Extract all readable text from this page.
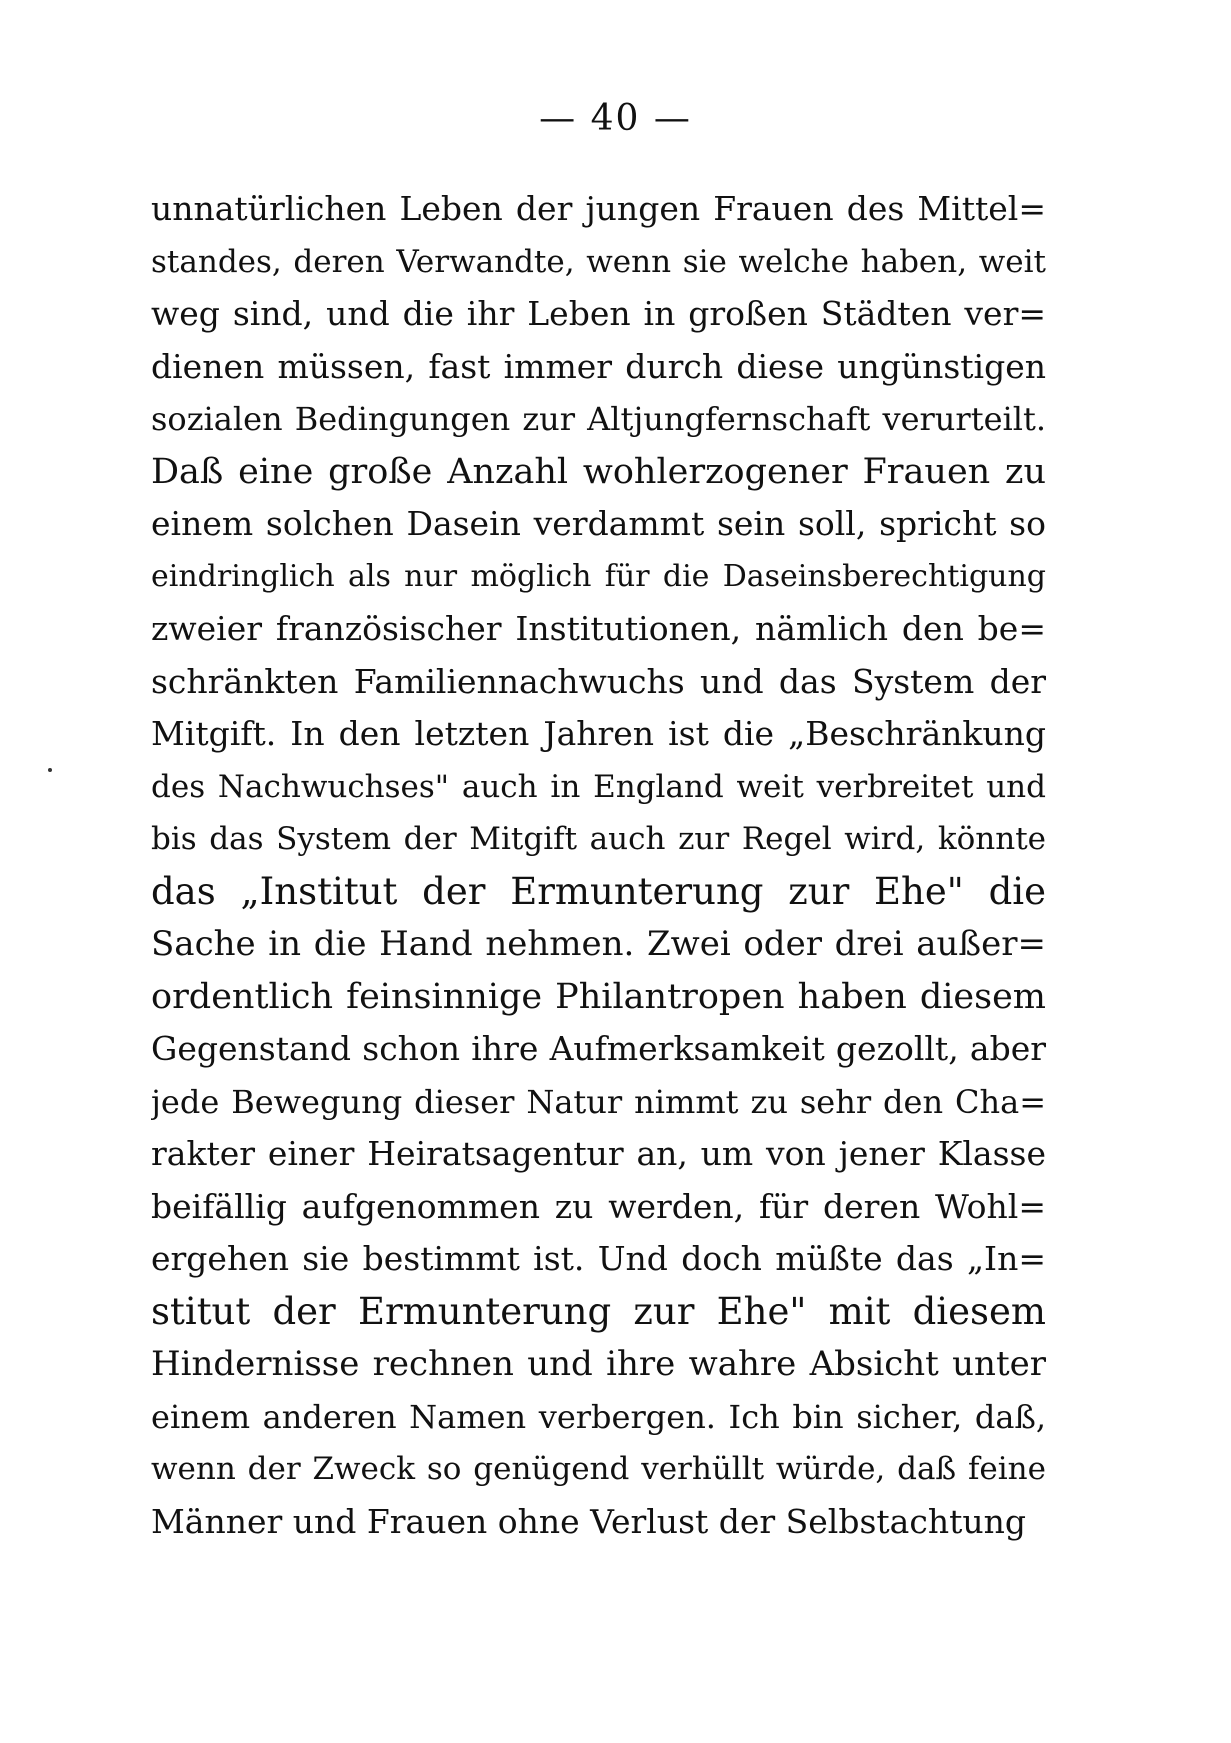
— 40 —
unnatürlichen Leben der jungen Frauen des Mittel=
standes, deren Verwandte, wenn sie welche haben, weit
weg sind, und die ihr Leben in großen Städten ver=
dienen müssen, fast immer durch diese ungünstigen
sozialen Bedingungen zur Altjungfernschaft verurteilt.
Daß eine große Anzahl wohlerzogener Frauen zu
einem solchen Dasein verdammt sein soll, spricht so
eindringlich als nur möglich für die Daseinsberechtigung
zweier französischer Institutionen, nämlich den be=
schränkten Familiennachwuchs und das System der
Mitgift. In den letzten Jahren ist die „Beschränkung
des Nachwuchses" auch in England weit verbreitet und
bis das System der Mitgift auch zur Regel wird, könnte
das „Institut der Ermunterung zur Ehe" die
Sache in die Hand nehmen. Zwei oder drei außer=
ordentlich feinsinnige Philantropen haben diesem
Gegenstand schon ihre Aufmerksamkeit gezollt, aber
jede Bewegung dieser Natur nimmt zu sehr den Cha=
rakter einer Heiratsagentur an, um von jener Klasse
beifällig aufgenommen zu werden, für deren Wohl=
ergehen sie bestimmt ist. Und doch müßte das „In=
stitut der Ermunterung zur Ehe" mit diesem
Hindernisse rechnen und ihre wahre Absicht unter
einem anderen Namen verbergen. Ich bin sicher, daß,
wenn der Zweck so genügend verhüllt würde, daß feine
Männer und Frauen ohne Verlust der Selbstachtung
